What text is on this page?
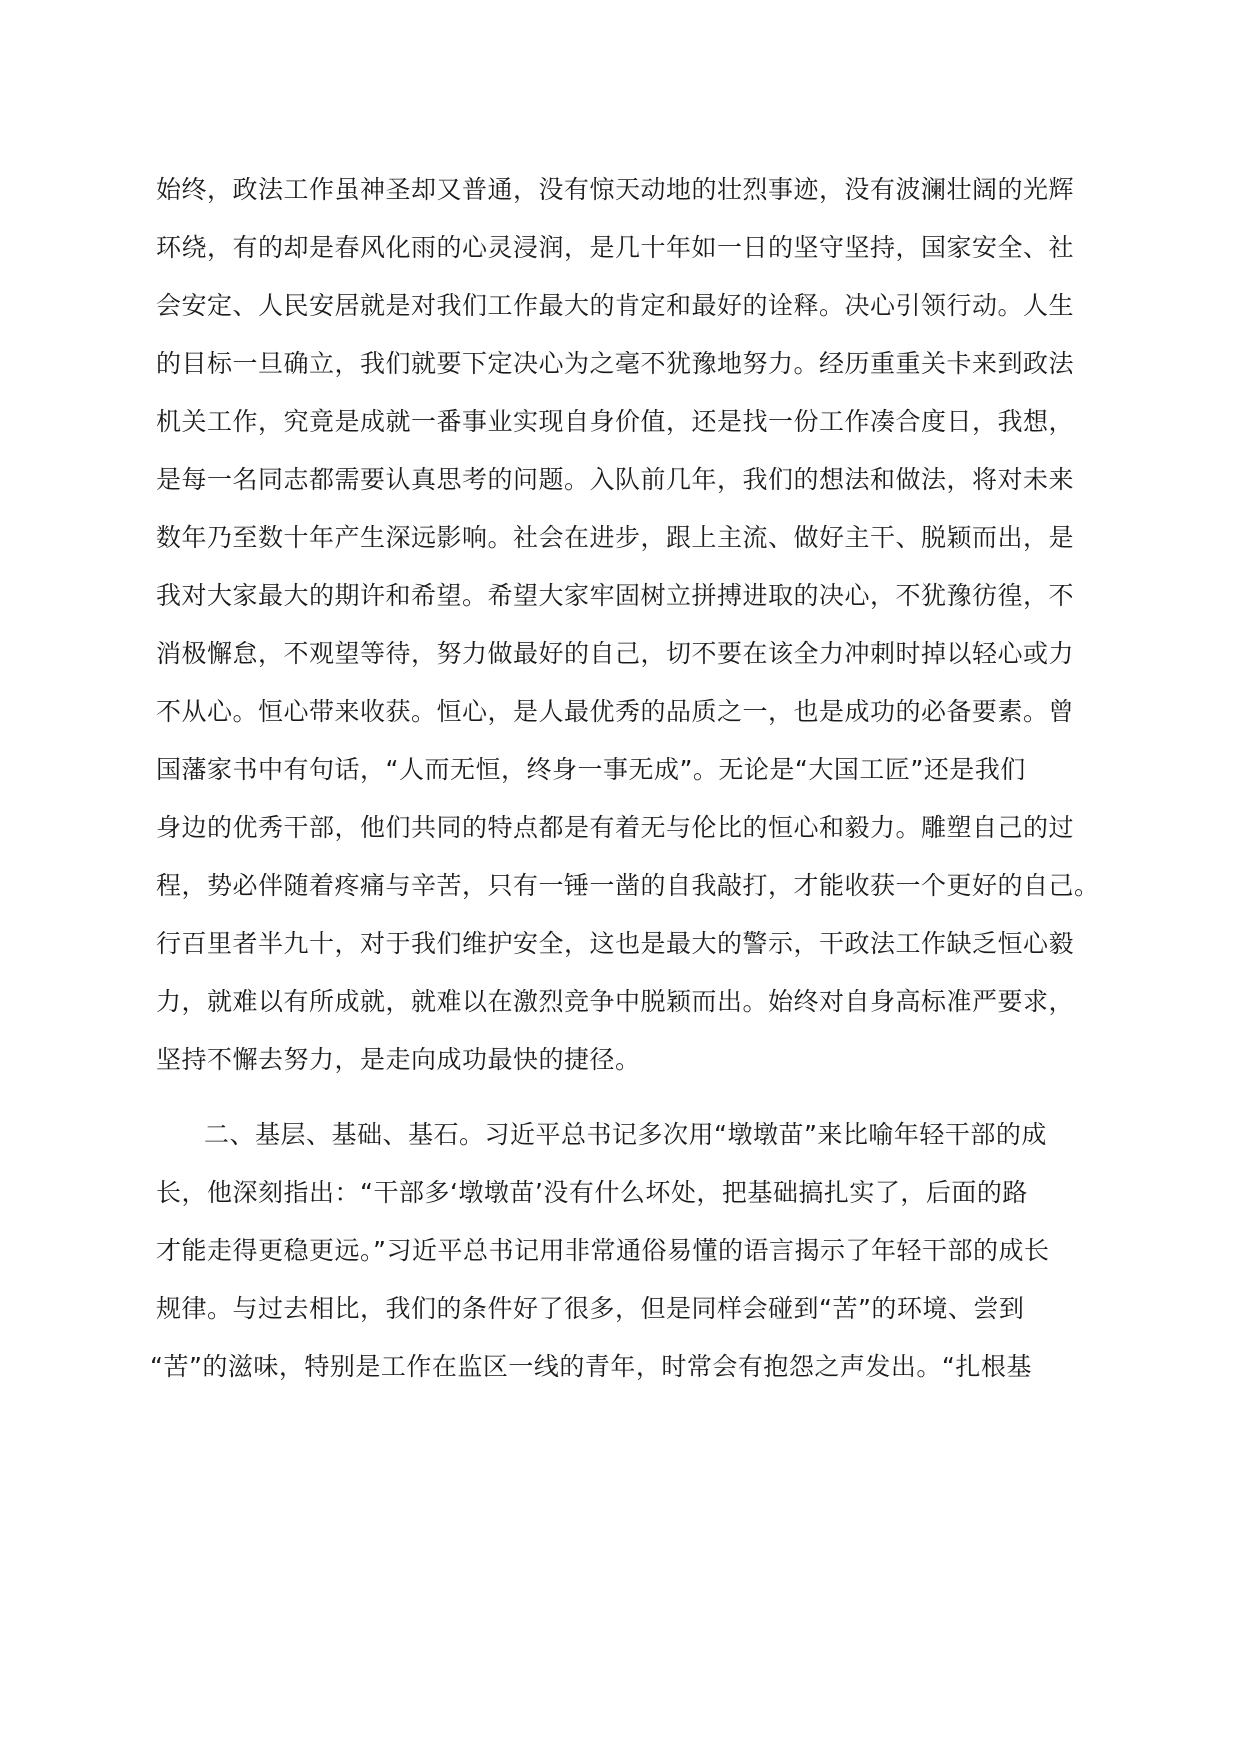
始终，政法工作虽神圣却又普通，没有惊天动地的壮烈事迹，没有波澜壮阔的光辉
环绕，有的却是春风化雨的心灵浸润，是几十年如一日的坚守坚持，国家安全、社
会安定、人民安居就是对我们工作最大的肯定和最好的诠释。决心引领行动。人生
的目标一旦确立，我们就要下定决心为之毫不犹豫地努力。经历重重关卡来到政法
机关工作，究竟是成就一番事业实现自身价值，还是找一份工作凑合度日，我想，
是每一名同志都需要认真思考的问题。入队前几年，我们的想法和做法，将对未来
数年乃至数十年产生深远影响。社会在进步，跟上主流、做好主干、脱颖而出，是
我对大家最大的期许和希望。希望大家牢固树立拼搏进取的决心，不犹豫彷徨，不
消极懈怠，不观望等待，努力做最好的自己，切不要在该全力冲刺时掉以轻心或力
不从心。恒心带来收获。恒心，是人最优秀的品质之一，也是成功的必备要素。曾
国藩家书中有句话，“人而无恒，终身一事无成”。无论是“大国工匠”还是我们
身边的优秀干部，他们共同的特点都是有着无与伦比的恒心和毅力。雕塑自己的过
程，势必伴随着疼痛与辛苦，只有一锤一凿的自我敲打，才能收获一个更好的自己。
行百里者半九十，对于我们维护安全，这也是最大的警示，干政法工作缺乏恒心毅
力，就难以有所成就，就难以在激烈竞争中脱颖而出。始终对自身高标准严要求，
坚持不懈去努力，是走向成功最快的捷径。
二、基层、基础、基石。习近平总书记多次用“墩墩苗”来比喻年轻干部的成
长，他深刻指出：“干部多‘墩墩苗’没有什么坏处，把基础搞扎实了，后面的路
才能走得更稳更远。”习近平总书记用非常通俗易懂的语言揭示了年轻干部的成长
规律。与过去相比，我们的条件好了很多，但是同样会碰到“苦”的环境、尝到
“苦”的滋味，特别是工作在监区一线的青年，时常会有抱怨之声发出。“扎根基
